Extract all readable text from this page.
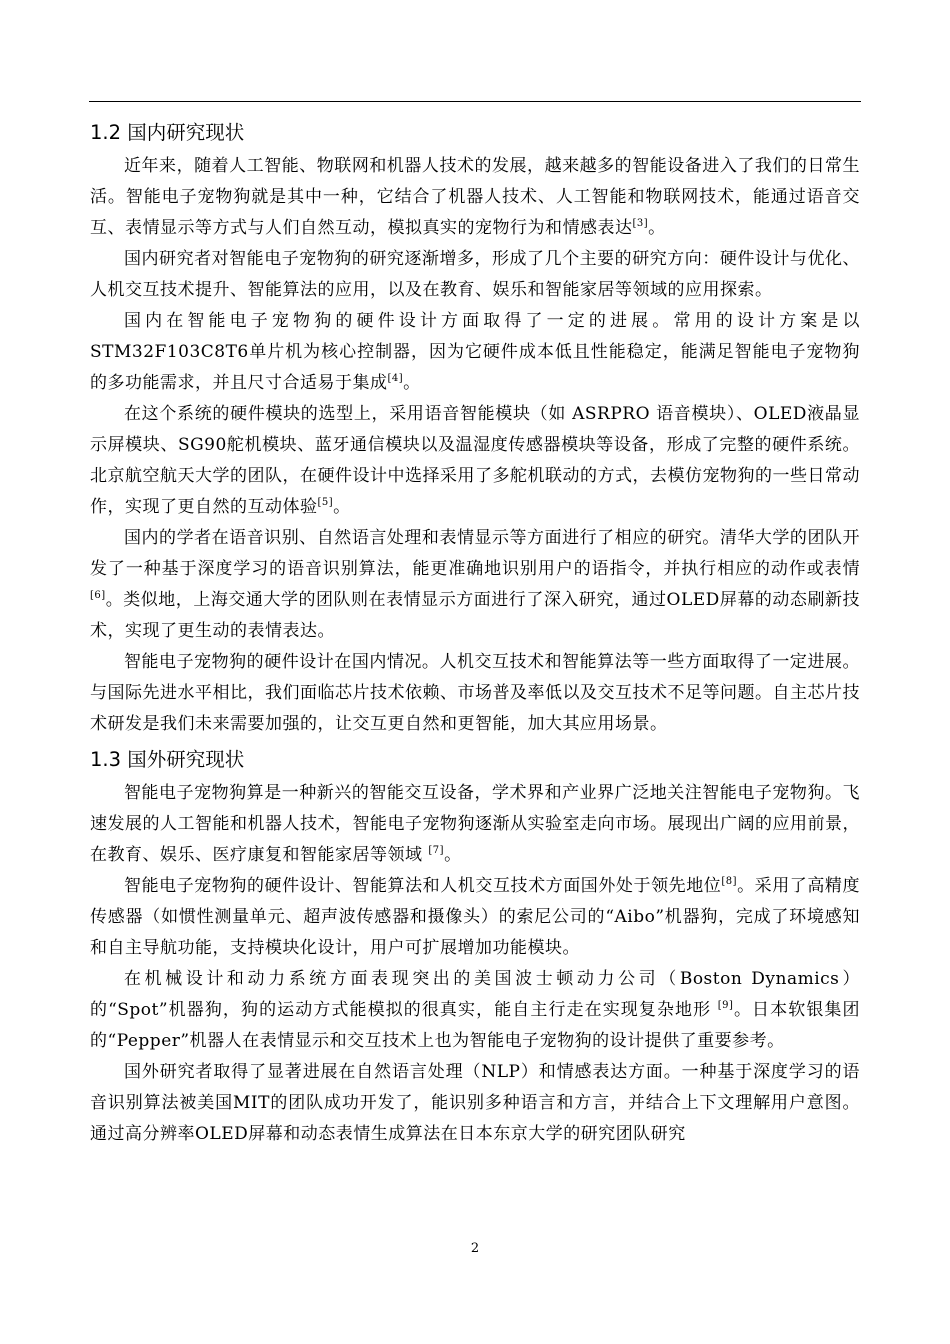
1.2 国内研究现状

近年来，随着人工智能、物联网和机器人技术的发展，越来越多的智能设备进入了我们的日常生活。智能电子宠物狗就是其中一种，它结合了机器人技术、人工智能和物联网技术，能通过语音交互、表情显示等方式与人们自然互动，模拟真实的宠物行为和情感表达[3]。

国内研究者对智能电子宠物狗的研究逐渐增多，形成了几个主要的研究方向：硬件设计与优化、人机交互技术提升、智能算法的应用，以及在教育、娱乐和智能家居等领域的应用探索。

国内在智能电子宠物狗的硬件设计方面取得了一定的进展。常用的设计方案是以STM32F103C8T6单片机为核心控制器，因为它硬件成本低且性能稳定，能满足智能电子宠物狗的多功能需求，并且尺寸合适易于集成[4]。

在这个系统的硬件模块的选型上，采用语音智能模块（如 ASRPRO 语音模块）、OLED液晶显示屏模块、SG90舵机模块、蓝牙通信模块以及温湿度传感器模块等设备，形成了完整的硬件系统。北京航空航天大学的团队，在硬件设计中选择采用了多舵机联动的方式，去模仿宠物狗的一些日常动作，实现了更自然的互动体验[5]。

国内的学者在语音识别、自然语言处理和表情显示等方面进行了相应的研究。清华大学的团队开发了一种基于深度学习的语音识别算法，能更准确地识别用户的语指令，并执行相应的动作或表情[6]。类似地，上海交通大学的团队则在表情显示方面进行了深入研究，通过OLED屏幕的动态刷新技术，实现了更生动的表情表达。

智能电子宠物狗的硬件设计在国内情况。人机交互技术和智能算法等一些方面取得了一定进展。与国际先进水平相比，我们面临芯片技术依赖、市场普及率低以及交互技术不足等问题。自主芯片技术研发是我们未来需要加强的，让交互更自然和更智能，加大其应用场景。

1.3 国外研究现状

智能电子宠物狗算是一种新兴的智能交互设备，学术界和产业界广泛地关注智能电子宠物狗。飞速发展的人工智能和机器人技术，智能电子宠物狗逐渐从实验室走向市场。展现出广阔的应用前景，在教育、娱乐、医疗康复和智能家居等领域 [7]。

智能电子宠物狗的硬件设计、智能算法和人机交互技术方面国外处于领先地位[8]。采用了高精度传感器（如惯性测量单元、超声波传感器和摄像头）的索尼公司的“Aibo”机器狗，完成了环境感知和自主导航功能，支持模块化设计，用户可扩展增加功能模块。

在机械设计和动力系统方面表现突出的美国波士顿动力公司（Boston Dynamics）的“Spot”机器狗，狗的运动方式能模拟的很真实，能自主行走在实现复杂地形 [9]。日本软银集团的“Pepper”机器人在表情显示和交互技术上也为智能电子宠物狗的设计提供了重要参考。

国外研究者取得了显著进展在自然语言处理（NLP）和情感表达方面。一种基于深度学习的语音识别算法被美国MIT的团队成功开发了，能识别多种语言和方言，并结合上下文理解用户意图。通过高分辨率OLED屏幕和动态表情生成算法在日本东京大学的研究团队研究

2
